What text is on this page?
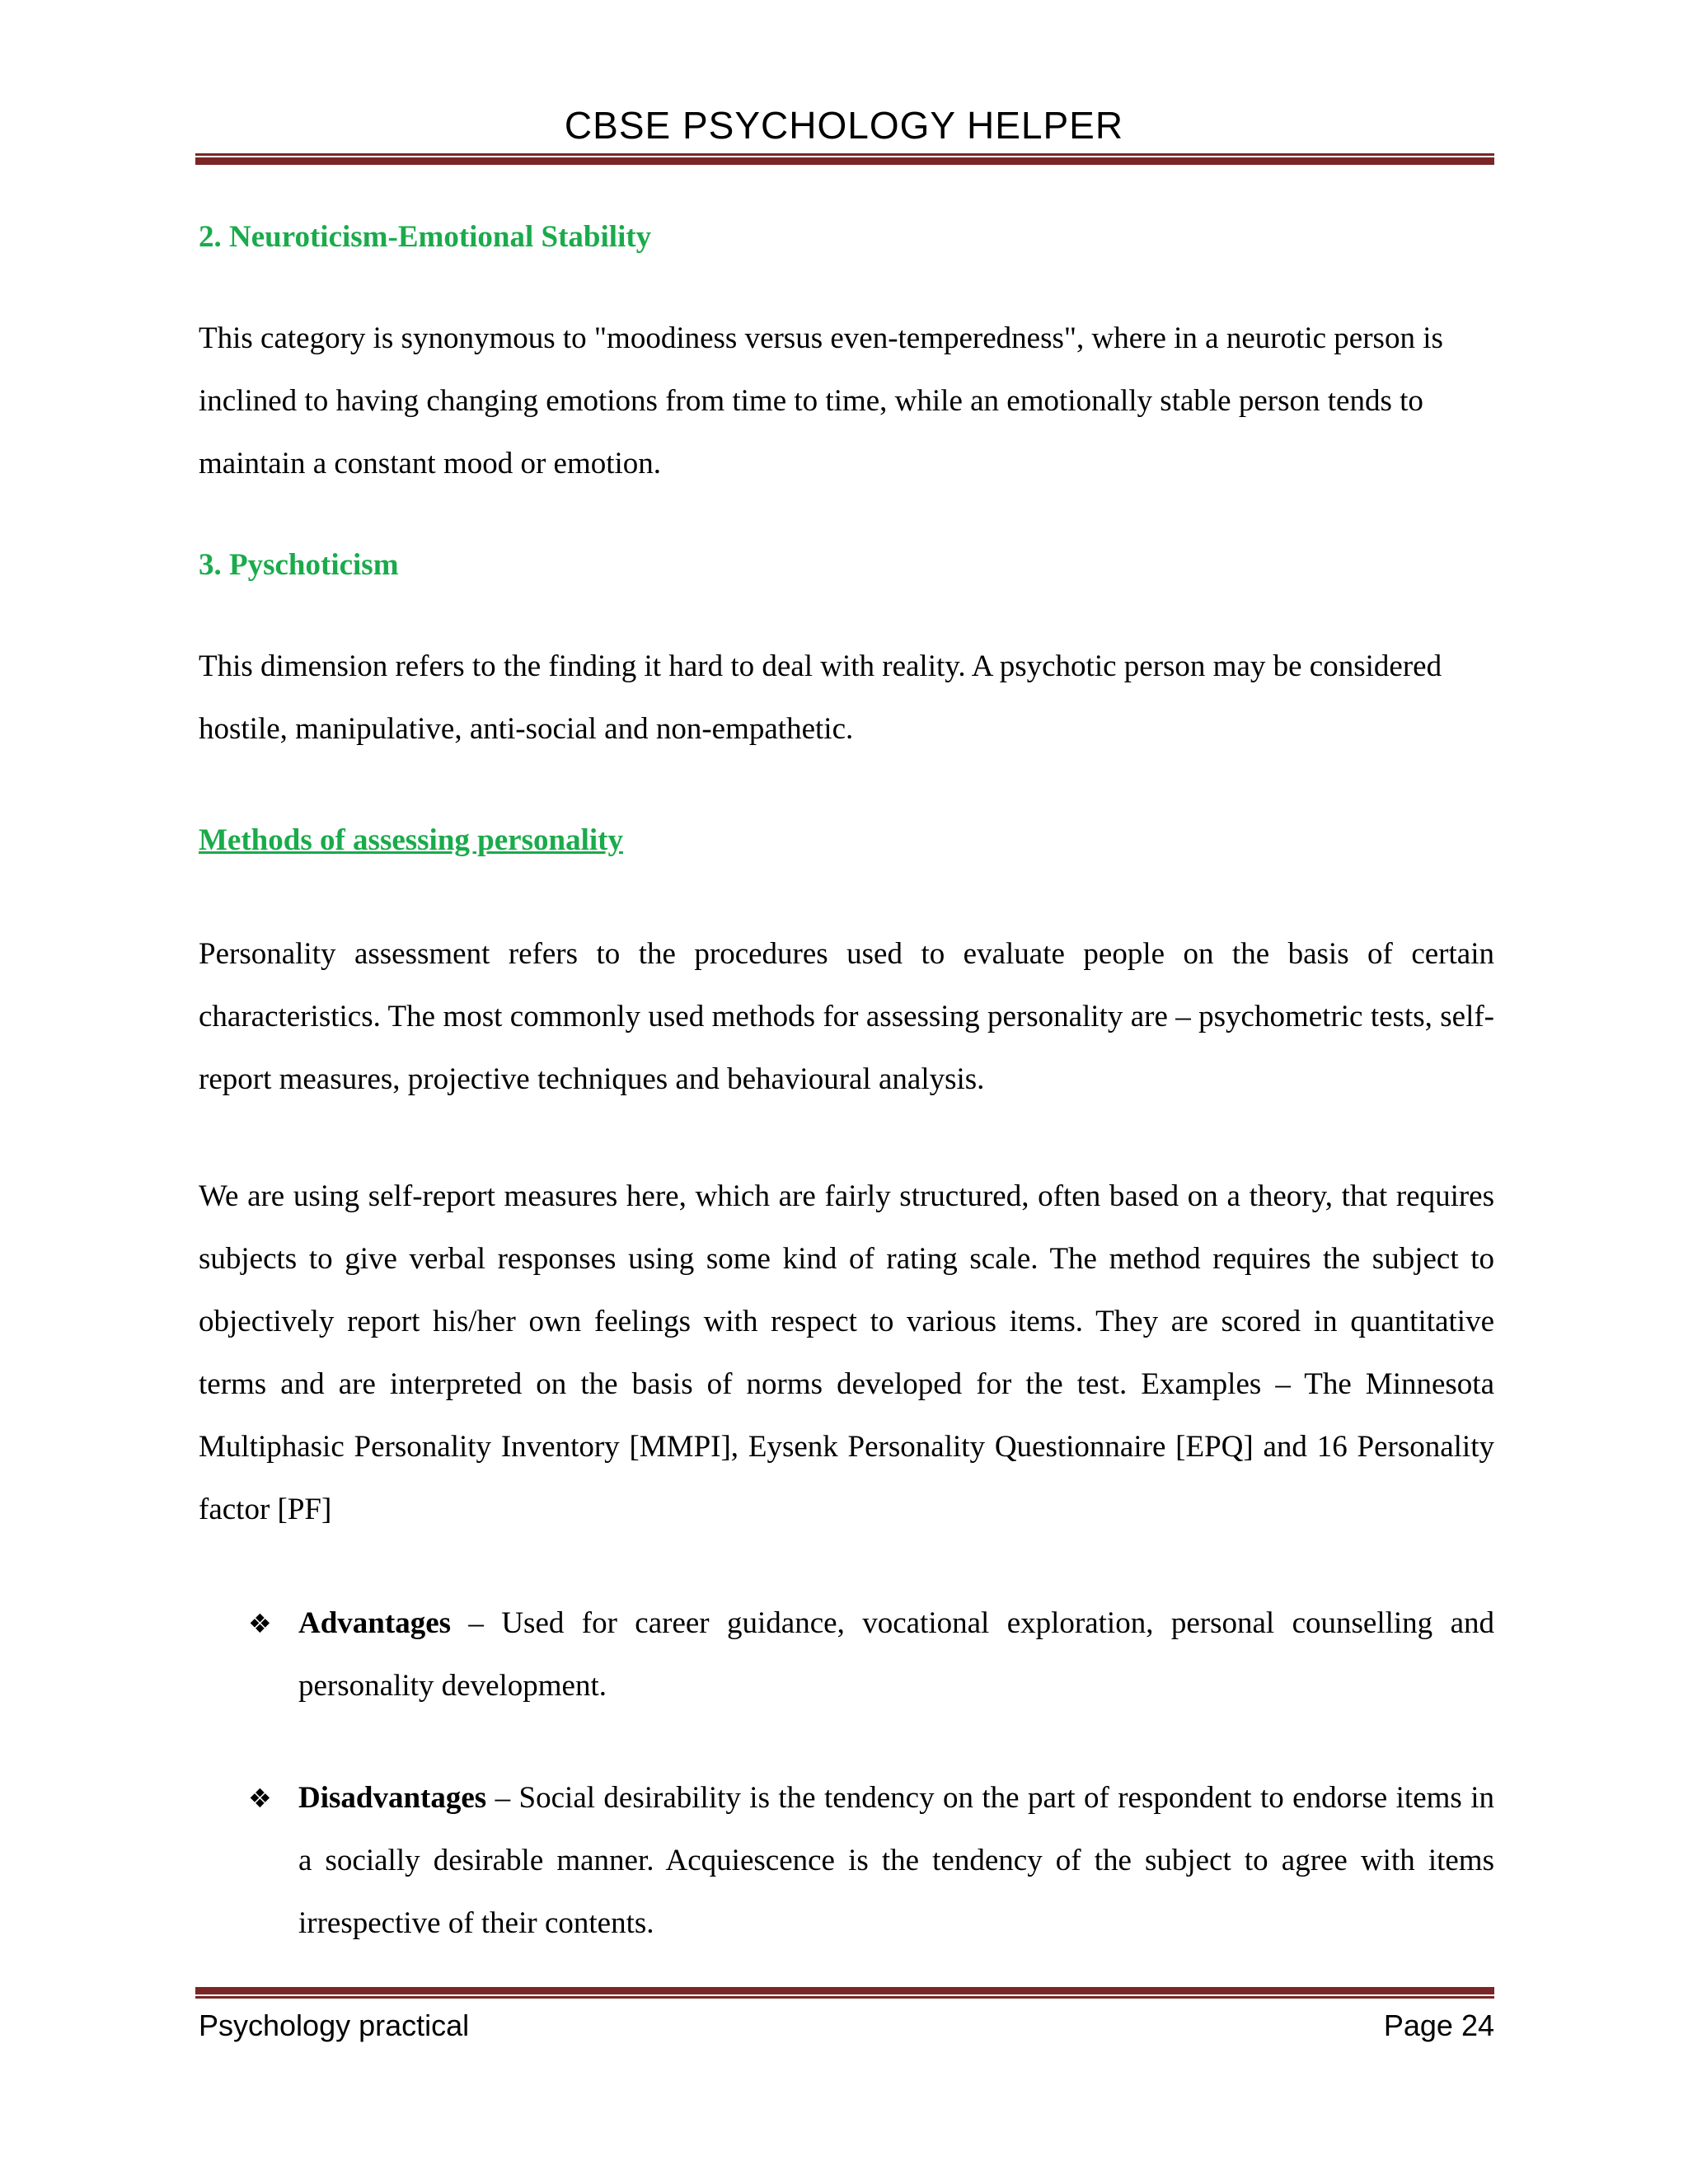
CBSE PSYCHOLOGY HELPER
2. Neuroticism-Emotional Stability

This category is synonymous to "moodiness versus even-temperedness", where in a neurotic person is inclined to having changing emotions from time to time, while an emotionally stable person tends to maintain a constant mood or emotion.

3. Pyschoticism

This dimension refers to the finding it hard to deal with reality. A psychotic person may be considered hostile, manipulative, anti-social and non-empathetic.

Methods of assessing personality

Personality assessment refers to the procedures used to evaluate people on the basis of certain characteristics. The most commonly used methods for assessing personality are – psychometric tests, self-report measures, projective techniques and behavioural analysis.

We are using self-report measures here, which are fairly structured, often based on a theory, that requires subjects to give verbal responses using some kind of rating scale. The method requires the subject to objectively report his/her own feelings with respect to various items. They are scored in quantitative terms and are interpreted on the basis of norms developed for the test. Examples – The Minnesota Multiphasic Personality Inventory [MMPI], Eysenk Personality Questionnaire [EPQ] and 16 Personality factor [PF]

❖ Advantages – Used for career guidance, vocational exploration, personal counselling and personality development.
❖ Disadvantages – Social desirability is the tendency on the part of respondent to endorse items in a socially desirable manner. Acquiescence is the tendency of the subject to agree with items irrespective of their contents.
Psychology practical	Page 24
